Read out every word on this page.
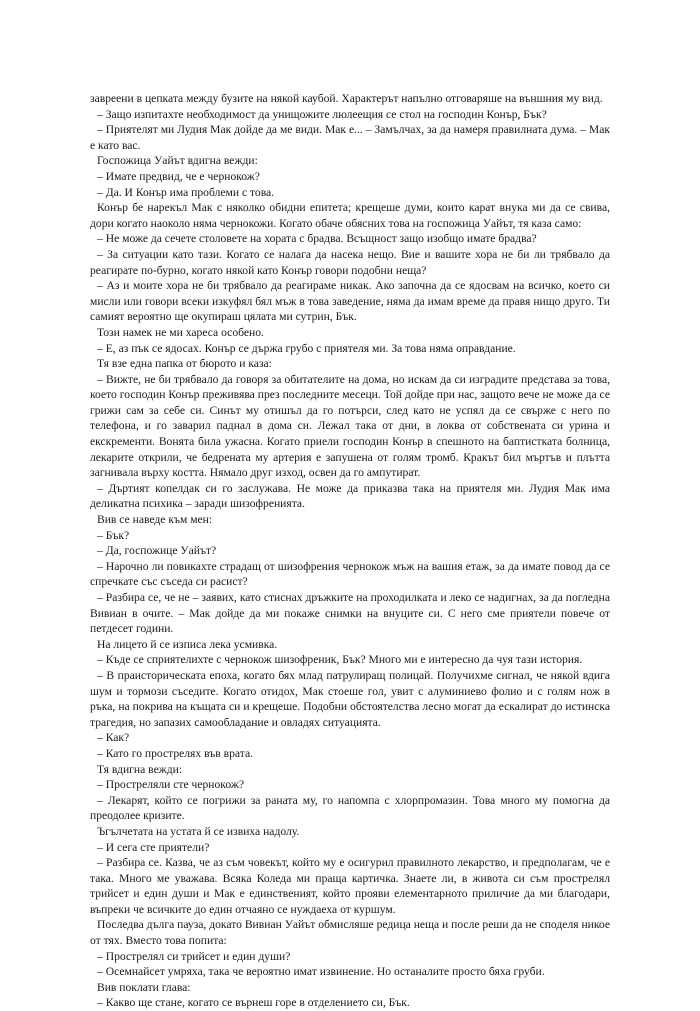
завреени в цепката между бузите на някой каубой. Характерът напълно отговаряше на външния му вид.

– Защо изпитахте необходимост да унищожите люлеещия се стол на господин Конър, Бък?

– Приятелят ми Лудия Мак дойде да ме види. Мак е... – Замълчах, за да намеря правилната дума. – Мак е като вас.

Госпожица Уайът вдигна вежди:

– Имате предвид, че е чернокож?

– Да. И Конър има проблеми с това.

Конър бе нарекъл Мак с няколко обидни епитета; крещеше думи, които карат внука ми да се свива, дори когато наоколо няма чернокожи. Когато обаче обясних това на госпожица Уайът, тя каза само:

– Не може да сечете столовете на хората с брадва. Всъщност защо изобщо имате брадва?

– За ситуации като тази. Когато се налага да насека нещо. Вие и вашите хора не би ли трябвало да реагирате по-бурно, когато някой като Конър говори подобни неща?

– Аз и моите хора не би трябвало да реагираме никак. Ако започна да се ядосвам на всичко, което си мисли или говори всеки изкуфял бял мъж в това заведение, няма да имам време да правя нищо друго. Ти самият вероятно ще окупираш цялата ми сутрин, Бък.

Този намек не ми хареса особено.

– Е, аз пък се ядосах. Конър се държа грубо с приятеля ми. За това няма оправдание.

Тя взе една папка от бюрото и каза:

– Вижте, не би трябвало да говоря за обитателите на дома, но искам да си изградите представа за това, което господин Конър преживява през последните месеци. Той дойде при нас, защото вече не може да се грижи сам за себе си. Синът му отишъл да го потърси, след като не успял да се свърже с него по телефона, и го заварил паднал в дома си. Лежал така от дни, в локва от собствената си урина и екскременти. Вонята била ужасна. Когато приели господин Конър в спешното на баптистката болница, лекарите открили, че бедрената му артерия е запушена от голям тромб. Кракът бил мъртъв и плътта загнивала върху костта. Нямало друг изход, освен да го ампутират.

– Дъртият копелдак си го заслужава. Не може да приказва така на приятеля ми. Лудия Мак има деликатна психика – заради шизофренията.

Вив се наведе към мен:

– Бък?

– Да, госпожице Уайът?

– Нарочно ли повикахте страдащ от шизофрения чернокож мъж на вашия етаж, за да имате повод да се спречкате със съседа си расист?

– Разбира се, че не – заявих, като стиснах дръжките на проходилката и леко се надигнах, за да погледна Вивиан в очите. – Мак дойде да ми покаже снимки на внуците си. С него сме приятели повече от петдесет години.

На лицето й се изписа лека усмивка.

– Къде се сприятелихте с чернокож шизофреник, Бък? Много ми е интересно да чуя тази история.

– В праисторическата епоха, когато бях млад патрулиращ полицай. Получихме сигнал, че някой вдига шум и тормози съседите. Когато отидох, Мак стоеше гол, увит с алуминиево фолио и с голям нож в ръка, на покрива на къщата си и крещеше. Подобни обстоятелства лесно могат да ескалират до истинска трагедия, но запазих самообладание и овладях ситуацията.

– Как?

– Като го прострелях във врата.

Тя вдигна вежди:

– Простреляли сте чернокож?

– Лекарят, който се погрижи за раната му, го напомпа с хлорпромазин. Това много му помогна да преодолее кризите.

Ъгълчетата на устата й се извиха надолу.

– И сега сте приятели?

– Разбира се. Казва, че аз съм човекът, който му е осигурил правилното лекарство, и предполагам, че е така. Много ме уважава. Всяка Коледа ми праща картичка. Знаете ли, в живота си съм прострелял трийсет и един души и Мак е единственият, който прояви елементарното приличие да ми благодари, въпреки че всичките до един отчаяно се нуждаеха от куршум.

Последва дълга пауза, докато Вивиан Уайът обмисляше редица неща и после реши да не споделя никое от тях. Вместо това попита:

– Прострелял си трийсет и един души?

– Осемнайсет умряха, така че вероятно имат извинение. Но останалите просто бяха груби.

Вив поклати глава:

– Какво ще стане, когато се върнеш горе в отделението си, Бък.
